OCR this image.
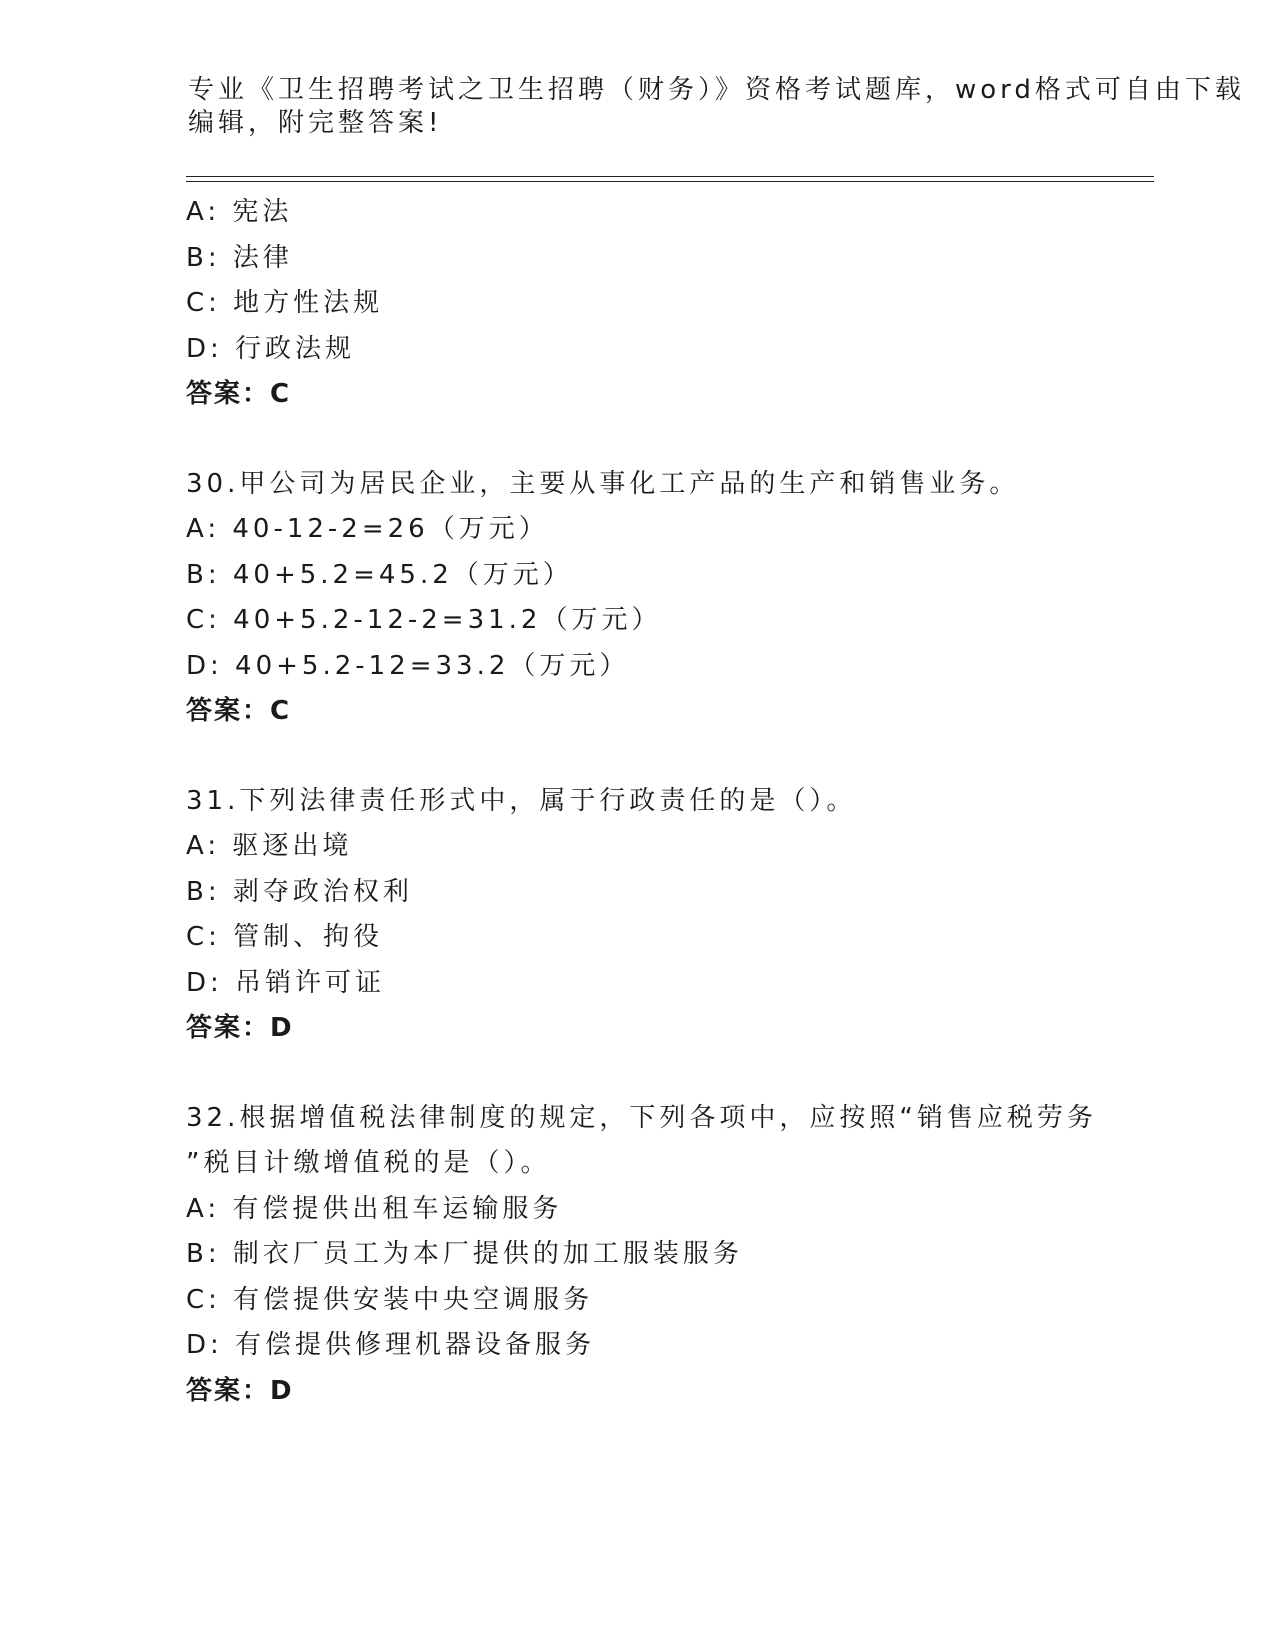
专业《卫生招聘考试之卫生招聘（财务）》资格考试题库，word格式可自由下载
编辑，附完整答案!
A: 宪法
B: 法律
C: 地方性法规
D: 行政法规
答案：C
30.甲公司为居民企业，主要从事化工产品的生产和销售业务。
A: 40-12-2=26（万元）
B: 40+5.2=45.2（万元）
C: 40+5.2-12-2=31.2（万元）
D: 40+5.2-12=33.2（万元）
答案：C
31.下列法律责任形式中，属于行政责任的是（）。
A: 驱逐出境
B: 剥夺政治权利
C: 管制、拘役
D: 吊销许可证
答案：D
32.根据增值税法律制度的规定，下列各项中，应按照“销售应税劳务
”税目计缴增值税的是（）。
A: 有偿提供出租车运输服务
B: 制衣厂员工为本厂提供的加工服装服务
C: 有偿提供安装中央空调服务
D: 有偿提供修理机器设备服务
答案：D
